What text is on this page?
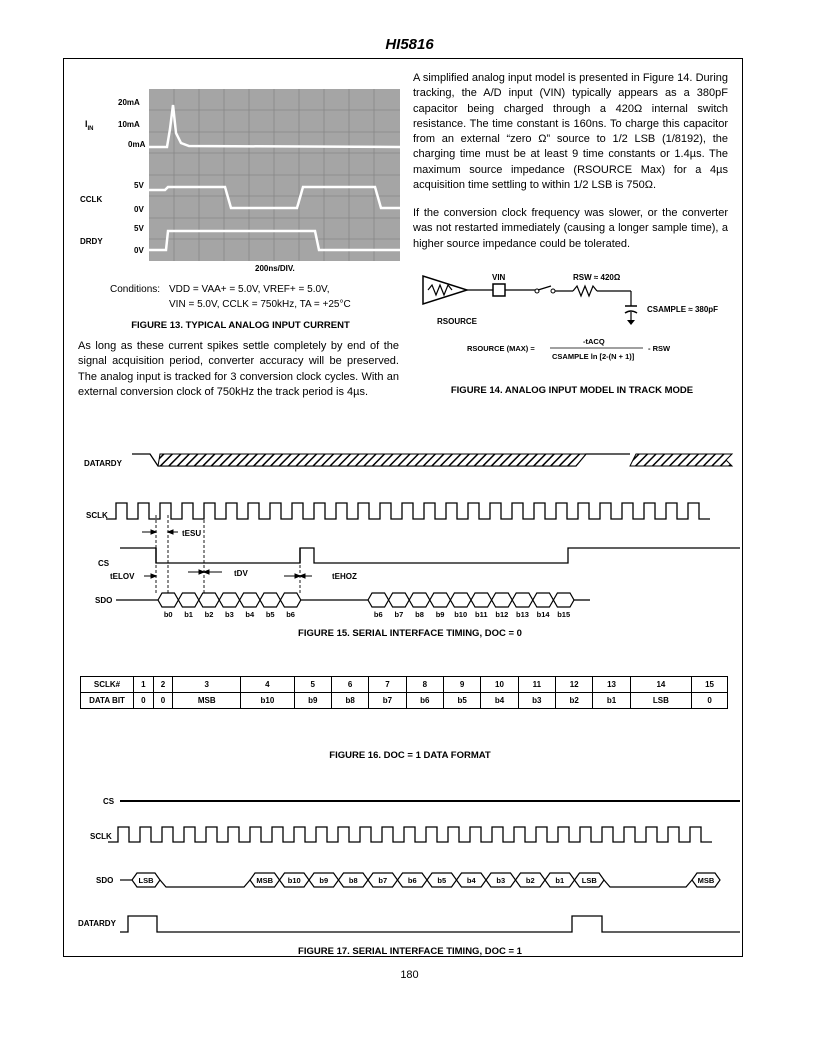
HI5816
20mA
$I_{IN}$	10mA
0mA
5V
CCLK
0V
5V
DRDY
0V
200ns/DIV.
Conditions: VDD = VAA+ = 5.0V, VREF+ = 5.0V,
VIN = 5.0V, CCLK = 750kHz, TA = +25°C
FIGURE 13. TYPICAL ANALOG INPUT CURRENT
As long as these current spikes settle completely by end of the signal acquisition period, converter accuracy will be preserved. The analog input is tracked for 3 conversion clock cycles. With an external conversion clock of 750kHz the track period is 4µs.
A simplified analog input model is presented in Figure 14. During tracking, the A/D input (VIN) typically appears as a 380pF capacitor being charged through a 420Ω internal switch resistance. The time constant is 160ns. To charge this capacitor from an external “zero Ω” source to 1/2 LSB (1/8192), the charging time must be at least 9 time constants or 1.4µs. The maximum source impedance (RSOURCE Max) for a 4µs acquisition time settling to within 1/2 LSB is 750Ω.
If the conversion clock frequency was slower, or the converter was not restarted immediately (causing a longer sample time), a higher source impedance could be tolerated.
VIN	RSW ≈ 420Ω
CSAMPLE ≈ 380pF
RSOURCE
RSOURCE (MAX) =
-tACQ
CSAMPLE ln [2-(N + 1)]
- RSW
FIGURE 14. ANALOG INPUT MODEL IN TRACK MODE
DATARDY
SCLK
CS
SDO
tESU
tELOV	tDV	tEHOZ
b0 b1 b2 b3 b4 b5 b6	b6 b7 b8 b9 b10 b11 b12 b13 b14 b15
FIGURE 15. SERIAL INTERFACE TIMING, DOC = 0
SCLK#	1	2	3	4	5	6	7	8	9	10	11	12	13	14	15
DATA BIT	0	0	MSB	b10	b9	b8	b7	b6	b5	b4	b3	b2	b1	LSB	0
FIGURE 16. DOC = 1 DATA FORMAT
CS
SCLK
SDO
DATARDY
LSB	MSB b10 b9	b8	b7	b6	b5	b4	b3	b2	b1 LSB	MSB
FIGURE 17. SERIAL INTERFACE TIMING, DOC = 1
180
